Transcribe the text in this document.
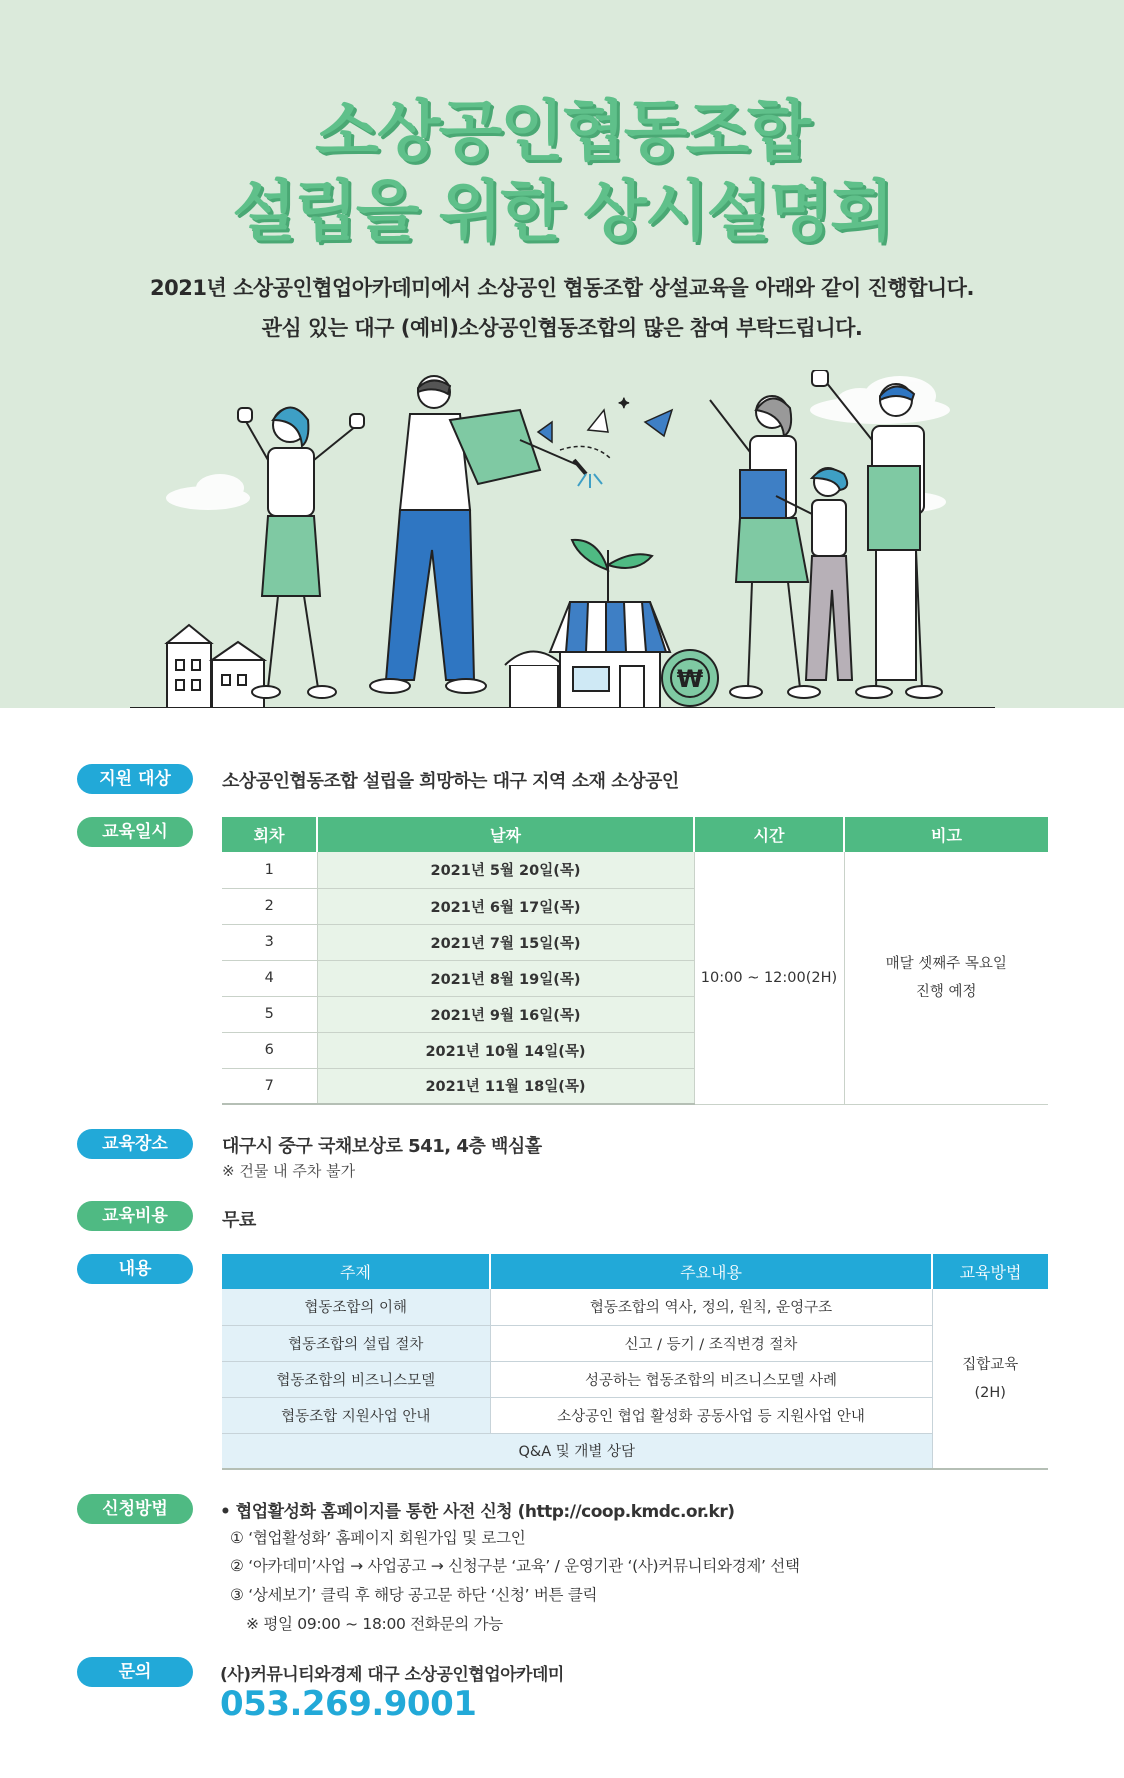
소상공인협동조합
설립을 위한 상시설명회
2021년 소상공인협업아카데미에서 소상공인 협동조합 상설교육을 아래와 같이 진행합니다.
관심 있는 대구 (예비)소상공인협동조합의 많은 참여 부탁드립니다.
₩
✦
지원 대상	소상공인협동조합 설립을 희망하는 대구 지역 소재 소상공인
교육일시	회차	날짜	시간	비고
1	2021년 5월 20일(목)	10:00 ~ 12:00(2H)	매달 셋째주 목요일
진행 예정

2	2021년 6월 17일(목)		
3	2021년 7월 15일(목)		
4	2021년 8월 19일(목)		
5	2021년 9월 16일(목)		
6	2021년 10월 14일(목)		
7	2021년 11월 18일(목)		
교육장소	대구시 중구 국채보상로 541, 4층 백심홀
※ 건물 내 주차 불가
교육비용	무료
내용	주제	주요내용	교육방법
협동조합의 이해	협동조합의 역사, 정의, 원칙, 운영구조	집합교육
(2H)

협동조합의 설립 절차	신고 / 등기 / 조직변경 절차	
협동조합의 비즈니스모델	성공하는 협동조합의 비즈니스모델 사례	
협동조합 지원사업 안내	소상공인 협업 활성화 공동사업 등 지원사업 안내	
Q&A 및 개별 상담		
신청방법	• 협업활성화 홈페이지를 통한 사전 신청 (http://coop.kmdc.or.kr)
① ‘협업활성화’ 홈페이지 회원가입 및 로그인
② ‘아카데미’사업 → 사업공고 → 신청구분 ‘교육’ / 운영기관 ‘(사)커뮤니티와경제’ 선택
③ ‘상세보기’ 클릭 후 해당 공고문 하단 ‘신청’ 버튼 클릭
※ 평일 09:00 ~ 18:00 전화문의 가능
문의	(사)커뮤니티와경제 대구 소상공인협업아카데미
053.269.9001
